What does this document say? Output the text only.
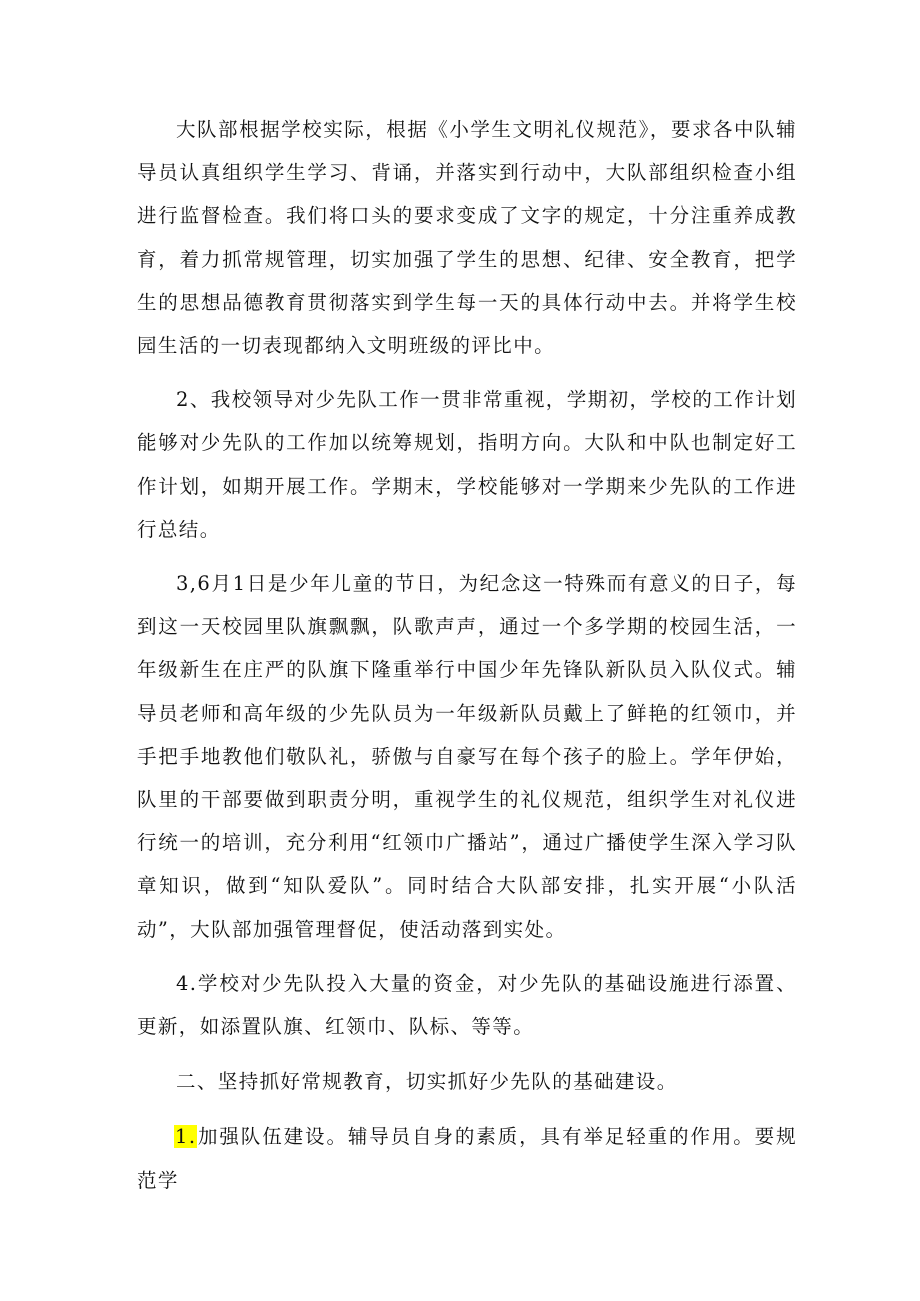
大队部根据学校实际，根据《小学生文明礼仪规范》，要求各中队辅导员认真组织学生学习、背诵，并落实到行动中，大队部组织检查小组进行监督检查。我们将口头的要求变成了文字的规定，十分注重养成教育，着力抓常规管理，切实加强了学生的思想、纪律、安全教育，把学生的思想品德教育贯彻落实到学生每一天的具体行动中去。并将学生校园生活的一切表现都纳入文明班级的评比中。

2、我校领导对少先队工作一贯非常重视，学期初，学校的工作计划能够对少先队的工作加以统筹规划，指明方向。大队和中队也制定好工作计划，如期开展工作。学期末，学校能够对一学期来少先队的工作进行总结。

3,6月1日是少年儿童的节日，为纪念这一特殊而有意义的日子，每到这一天校园里队旗飘飘，队歌声声，通过一个多学期的校园生活，一年级新生在庄严的队旗下隆重举行中国少年先锋队新队员入队仪式。辅导员老师和高年级的少先队员为一年级新队员戴上了鲜艳的红领巾，并手把手地教他们敬队礼，骄傲与自豪写在每个孩子的脸上。学年伊始，队里的干部要做到职责分明，重视学生的礼仪规范，组织学生对礼仪进行统一的培训，充分利用“红领巾广播站”，通过广播使学生深入学习队章知识，做到“知队爱队”。同时结合大队部安排，扎实开展“小队活动”，大队部加强管理督促，使活动落到实处。

4.学校对少先队投入大量的资金，对少先队的基础设施进行添置、更新，如添置队旗、红领巾、队标、等等。

二、坚持抓好常规教育，切实抓好少先队的基础建设。

1.加强队伍建设。辅导员自身的素质，具有举足轻重的作用。要规范学
